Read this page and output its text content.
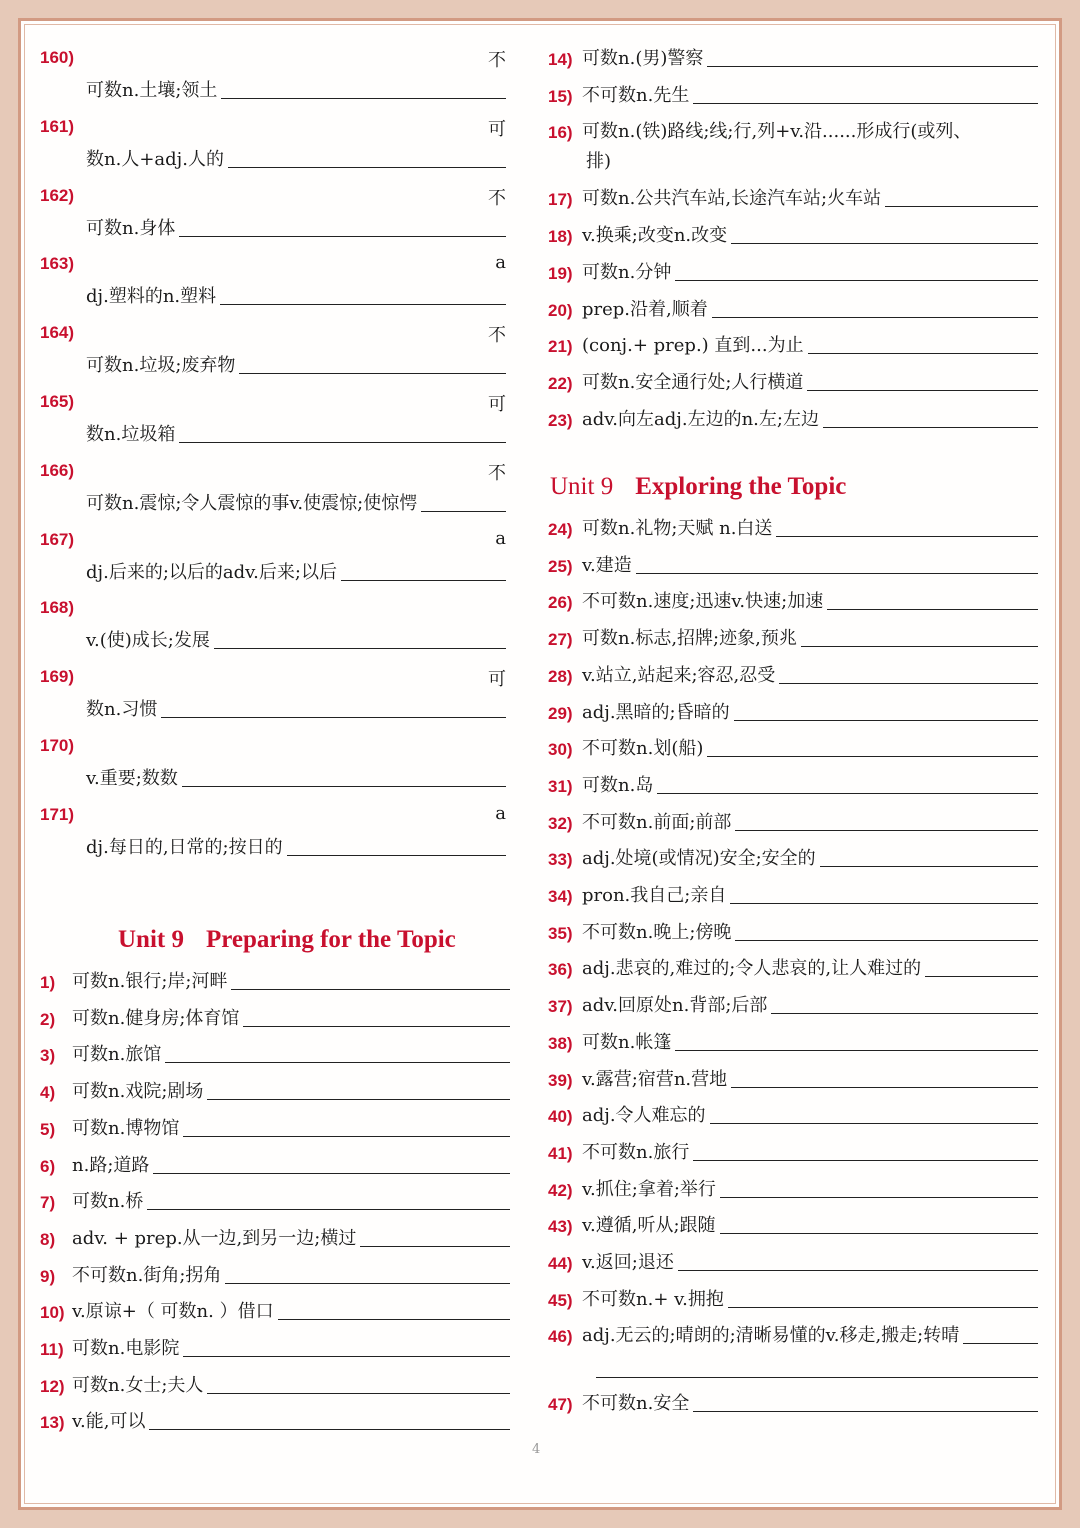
160)	不
可数n.土壤;领土
161)	可
数n.人+adj.人的
162)	不
可数n.身体
163)	a
dj.塑料的n.塑料
164)	不
可数n.垃圾;废弃物
165)	可
数n.垃圾箱
166)	不
可数n.震惊;令人震惊的事v.使震惊;使惊愕
167)	a
dj.后来的;以后的adv.后来;以后
168)
v.(使)成长;发展
169)	可
数n.习惯
170)
v.重要;数数
171)	a
dj.每日的,日常的;按日的
Unit 9 Preparing for the Topic
1) 可数n.银行;岸;河畔
2) 可数n.健身房;体育馆
3) 可数n.旅馆
4) 可数n.戏院;剧场
5) 可数n.博物馆
6) n.路;道路
7) 可数n.桥
8) adv. + prep.从一边,到另一边;横过
9) 不可数n.街角;拐角
10) v.原谅+（ 可数n. ）借口
11) 可数n.电影院
12) 可数n.女士;夫人
13) v.能,可以
14) 可数n.(男)警察
15) 不可数n.先生
16) 可数n.(铁)路线;线;行,列+v.沿......形成行(或列、
排)
17) 可数n.公共汽车站,长途汽车站;火车站
18) v.换乘;改变n.改变
19) 可数n.分钟
20) prep.沿着,顺着
21) (conj.+ prep.) 直到...为止
22) 可数n.安全通行处;人行横道
23) adv.向左adj.左边的n.左;左边
Unit 9 Exploring the Topic
24) 可数n.礼物;天赋 n.白送
25) v.建造
26) 不可数n.速度;迅速v.快速;加速
27) 可数n.标志,招牌;迹象,预兆
28) v.站立,站起来;容忍,忍受
29) adj.黑暗的;昏暗的
30) 不可数n.划(船)
31) 可数n.岛
32) 不可数n.前面;前部
33) adj.处境(或情况)安全;安全的
34) pron.我自己;亲自
35) 不可数n.晚上;傍晚
36) adj.悲哀的,难过的;令人悲哀的,让人难过的
37) adv.回原处n.背部;后部
38) 可数n.帐篷
39) v.露营;宿营n.营地
40) adj.令人难忘的
41) 不可数n.旅行
42) v.抓住;拿着;举行
43) v.遵循,听从;跟随
44) v.返回;退还
45) 不可数n.+ v.拥抱
46) adj.无云的;晴朗的;清晰易懂的v.移走,搬走;转晴
47) 不可数n.安全
4
